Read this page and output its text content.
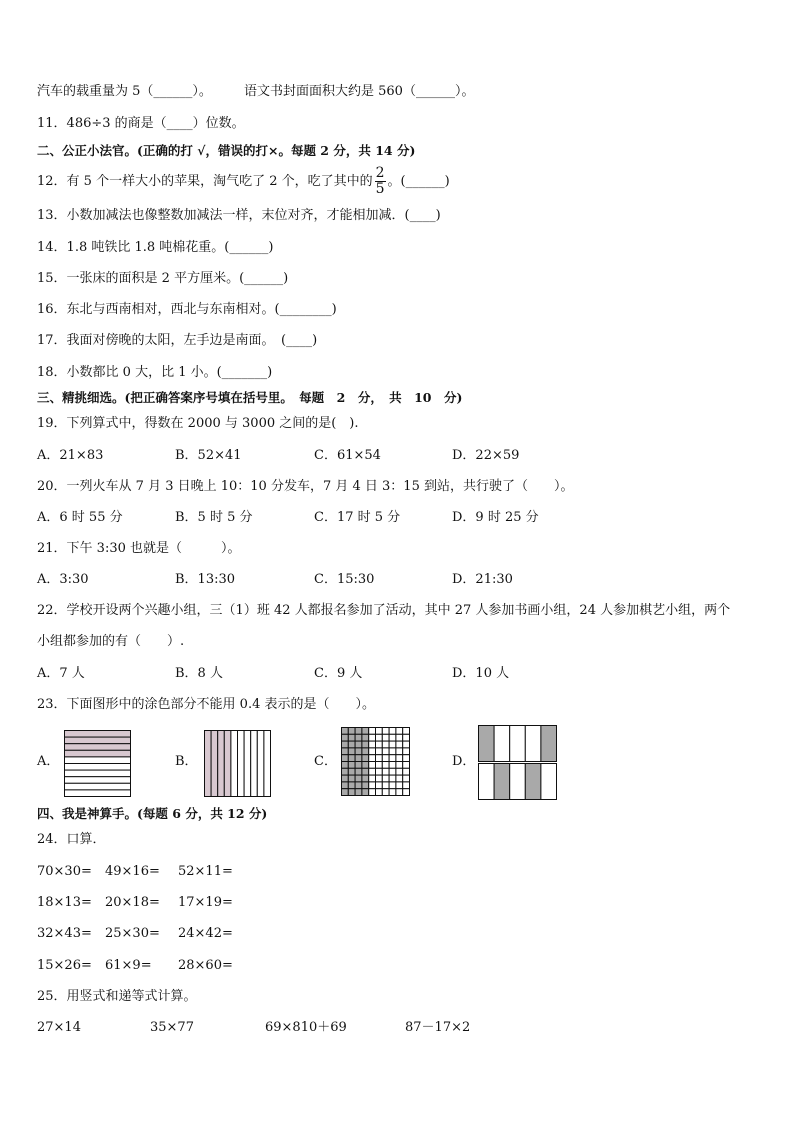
汽车的载重量为 5（______）。 语文书封面面积大约是 560（______）。
11．486÷3 的商是（____）位数。
二、公正小法官。(正确的打 √，错误的打×。每题 2 分，共 14 分)
12．有 5 个一样大小的苹果，淘气吃了 2 个，吃了其中的 $\frac{2}{5}$ 。(______)
13．小数加减法也像整数加减法一样，末位对齐，才能相加减．(____)
14．1.8 吨铁比 1.8 吨棉花重。(______)
15．一张床的面积是 2 平方厘米。(______)
16．东北与西南相对，西北与东南相对。(________)
17．我面对傍晚的太阳，左手边是南面。　(____)
18．小数都比 0 大，比 1 小。(_______)
三、精挑细选。(把正确答案序号填在括号里。　每题　2　分，　共　10　分)
19．下列算式中，得数在 2000 与 3000 之间的是(　).
A．21×83	B．52×41	C．61×54	D．22×59
20．一列火车从 7 月 3 日晚上 10：10 分发车，7 月 4 日 3：15 到站，共行驶了（　　）。
A．6 时 55 分	B．5 时 5 分	C．17 时 5 分	D．9 时 25 分
21．下午 3:30 也就是（　　　）。
A．3:30	B．13:30	C．15:30	D．21:30
22．学校开设两个兴趣小组，三（1）班 42 人都报名参加了活动，其中 27 人参加书画小组，24 人参加棋艺小组，两个
小组都参加的有（　　）.
A．7 人	B．8 人	C．9 人	D．10 人
23．下面图形中的涂色部分不能用 0.4 表示的是（　　）。
A．	B．	C．	D．
四、我是神算手。(每题 6 分，共 12 分)
24．口算．
70×30= 49×16= 52×11=
18×13= 20×18= 17×19=
32×43= 25×30= 24×42=
15×26= 61×9= 28×60=
25．用竖式和递等式计算。
27×14	35×77	69×810＋69	87－17×2
